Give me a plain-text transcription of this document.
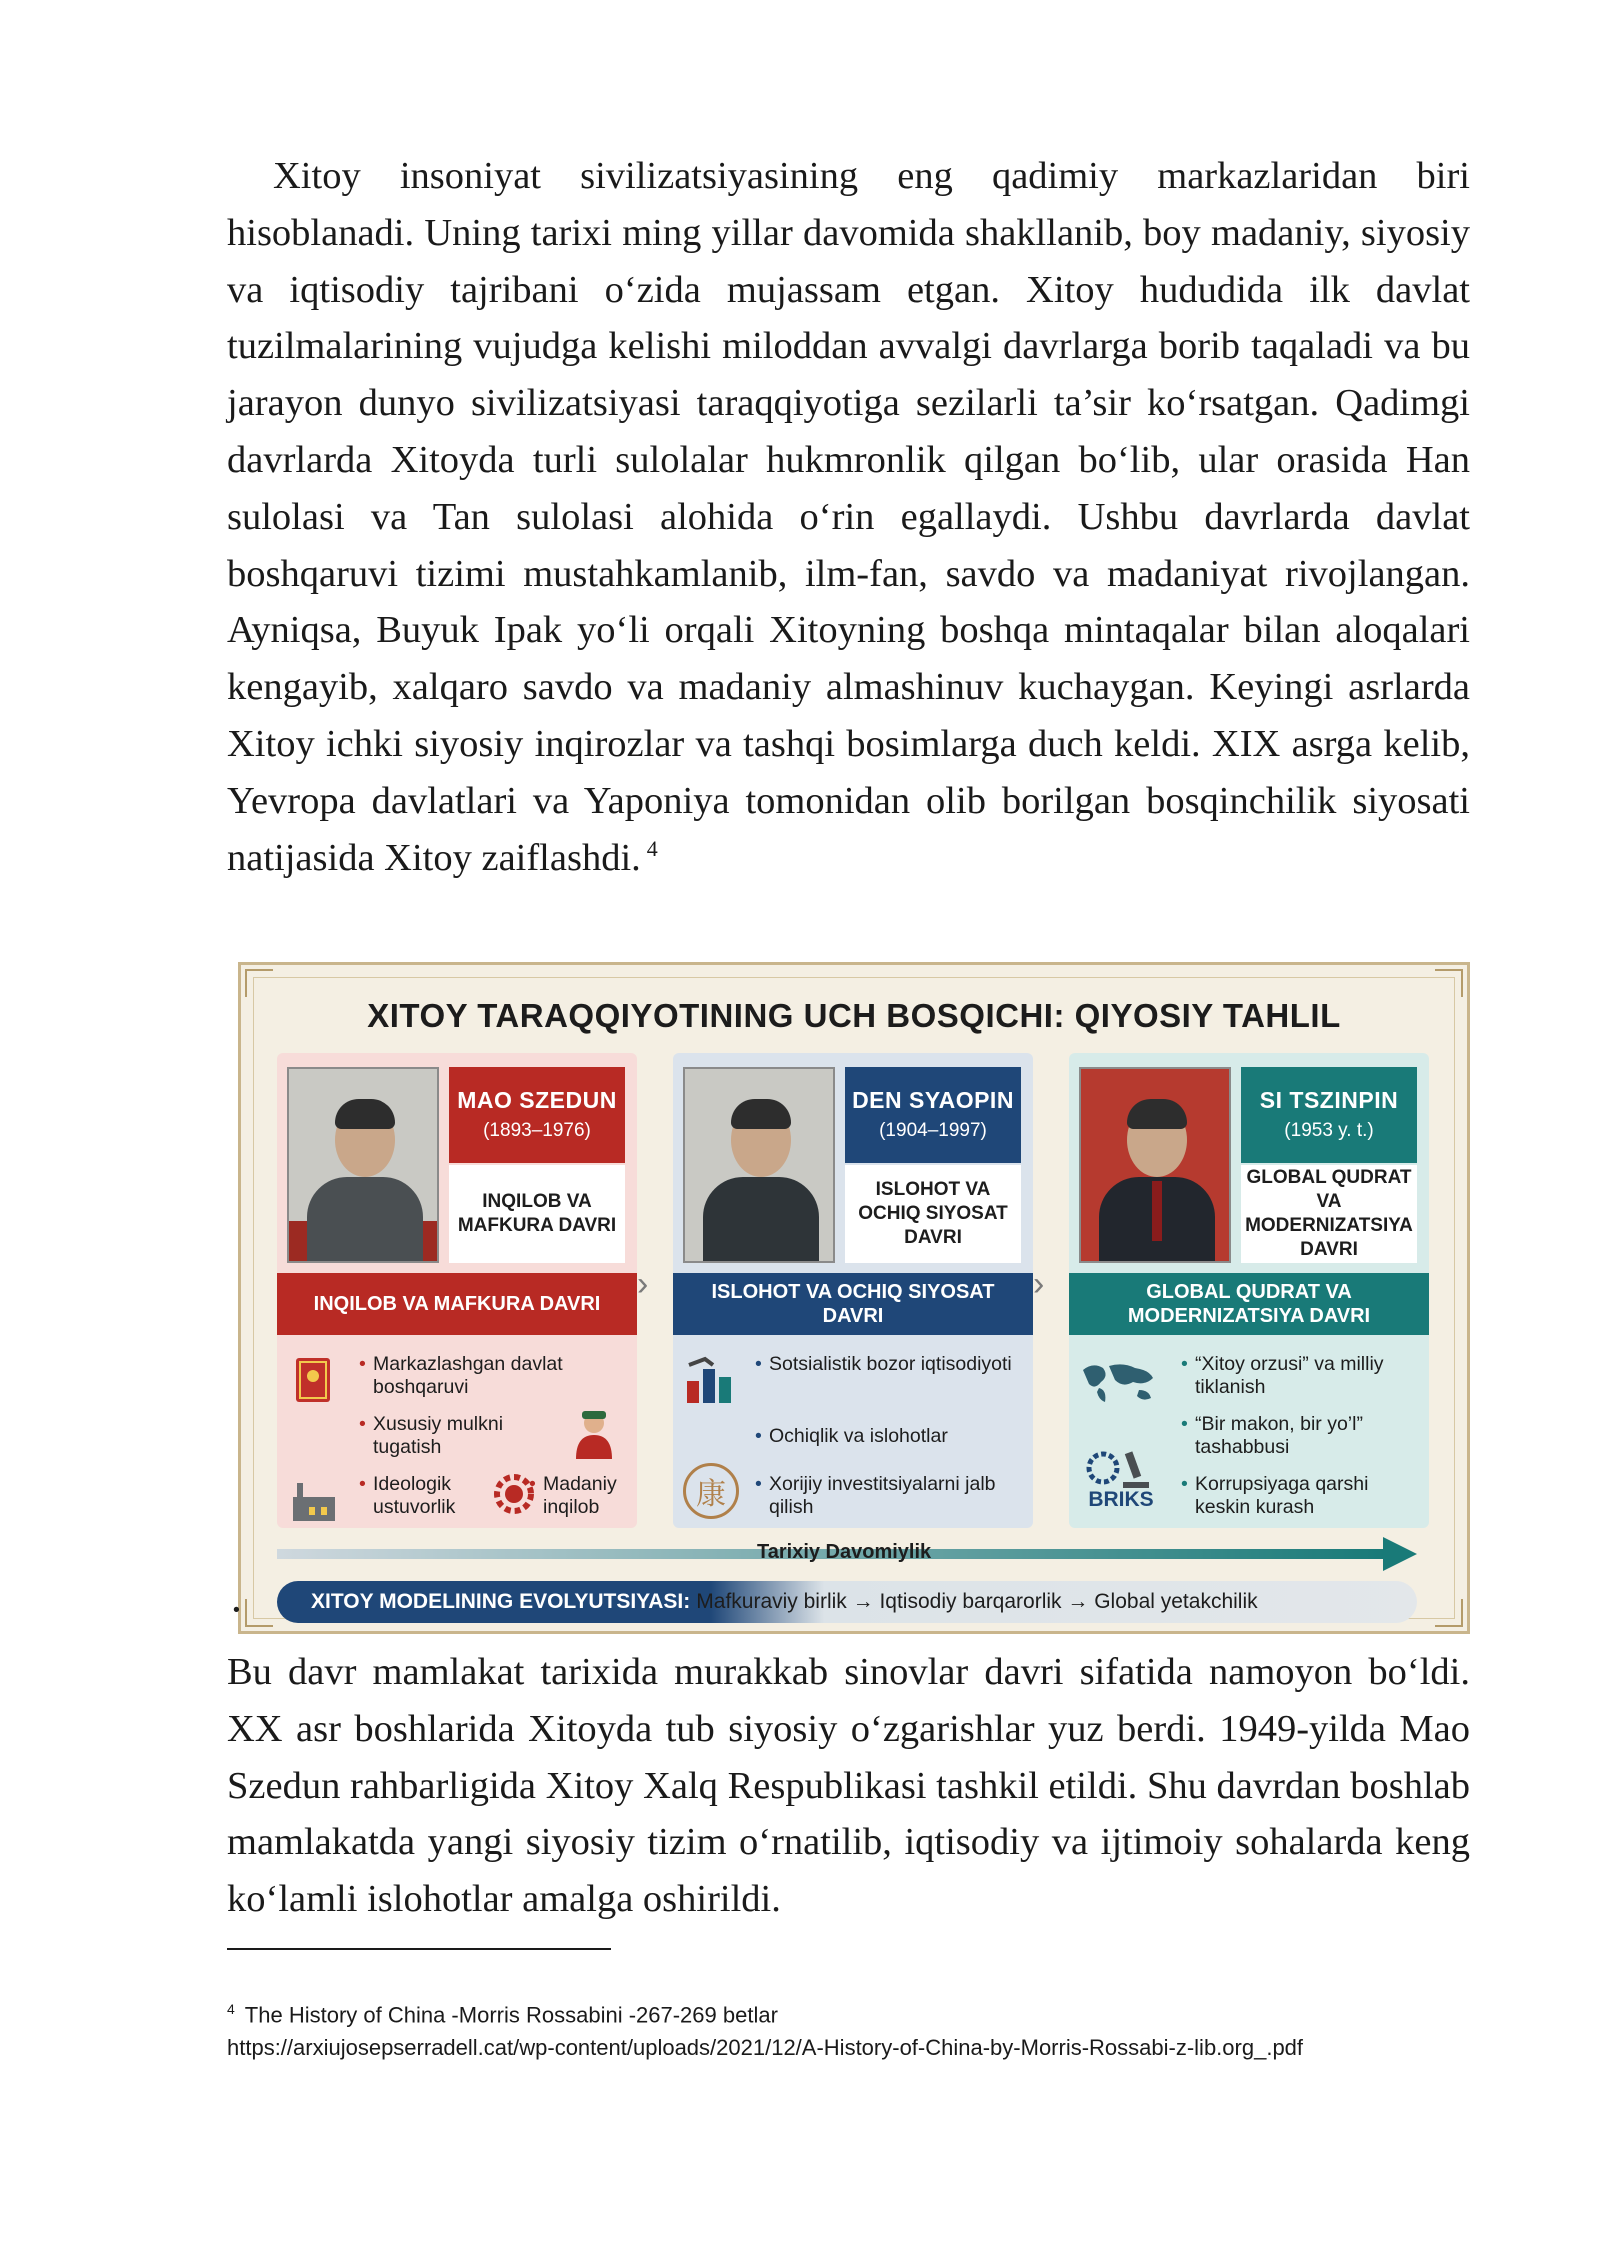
Xitoy insoniyat sivilizatsiyasining eng qadimiy markazlaridan biri hisoblanadi. Uning tarixi ming yillar davomida shakllanib, boy madaniy, siyosiy va iqtisodiy tajribani o‘zida mujassam etgan. Xitoy hududida ilk davlat tuzilmalarining vujudga kelishi miloddan avvalgi davrlarga borib taqaladi va bu jarayon dunyo sivilizatsiyasi taraqqiyotiga sezilarli ta’sir ko‘rsatgan. Qadimgi davrlarda Xitoyda turli sulolalar hukmronlik qilgan bo‘lib, ular orasida Han sulolasi va Tan sulolasi alohida o‘rin egallaydi. Ushbu davrlarda davlat boshqaruvi tizimi mustahkamlanib, ilm-fan, savdo va madaniyat rivojlangan. Ayniqsa, Buyuk Ipak yo‘li orqali Xitoyning boshqa mintaqalar bilan aloqalari kengayib, xalqaro savdo va madaniy almashinuv kuchaygan. Keyingi asrlarda Xitoy ichki siyosiy inqirozlar va tashqi bosimlarga duch keldi. XIX asrga kelib, Yevropa davlatlari va Yaponiya tomonidan olib borilgan bosqinchilik siyosati natijasida Xitoy zaiflashdi. $^4$

•
XITOY TARAQQIYOTINING UCH BOSQICHI: QIYOSIY TAHLIL
MAO SZEDUN
(1893–1976)
INQILOB VA MAFKURA DAVRI
INQILOB VA MAFKURA DAVRI
• Markazlashgan davlat boshqaruvi
• Xususiy mulkni tugatish
• Ideologik ustuvorlik
• Madaniy inqilob
›
DEN SYAOPIN
(1904–1997)
ISLOHOT VA OCHIQ SIYOSAT DAVRI
ISLOHOT VA OCHIQ SIYOSAT DAVRI
• Sotsialistik bozor iqtisodiyoti
• Ochiqlik va islohotlar
康
•	Xorijiy investitsiyalarni jalb qilish
›
SI TSZINPIN
(1953 y. t.)
GLOBAL QUDRAT VA MODERNIZATSIYA DAVRI
GLOBAL QUDRAT VA MODERNIZATSIYA DAVRI
• “Xitoy orzusi” va milliy tiklanish
• “Bir makon, bir yo’l” tashabbusi
BRIKS
• Korrupsiyaga qarshi keskin kurash
Tarixiy Davomiylik
XITOY MODELINING EVOLYUTSIYASI: Mafkuraviy birlik → Iqtisodiy barqarorlik → Global yetakchilik

Bu davr mamlakat tarixida murakkab sinovlar davri sifatida namoyon bo‘ldi. XX asr boshlarida Xitoyda tub siyosiy o‘zgarishlar yuz berdi. 1949-yilda Mao Szedun rahbarligida Xitoy Xalq Respublikasi tashkil etildi. Shu davrdan boshlab mamlakatda yangi siyosiy tizim o‘rnatilib, iqtisodiy va ijtimoiy sohalarda keng ko‘lamli islohotlar amalga oshirildi.

$^4$ The History of China -Morris Rossabini -267-269 betlar
https://arxiujosepserradell.cat/wp-content/uploads/2021/12/A-History-of-China-by-Morris-Rossabi-z-lib.org_.pdf
